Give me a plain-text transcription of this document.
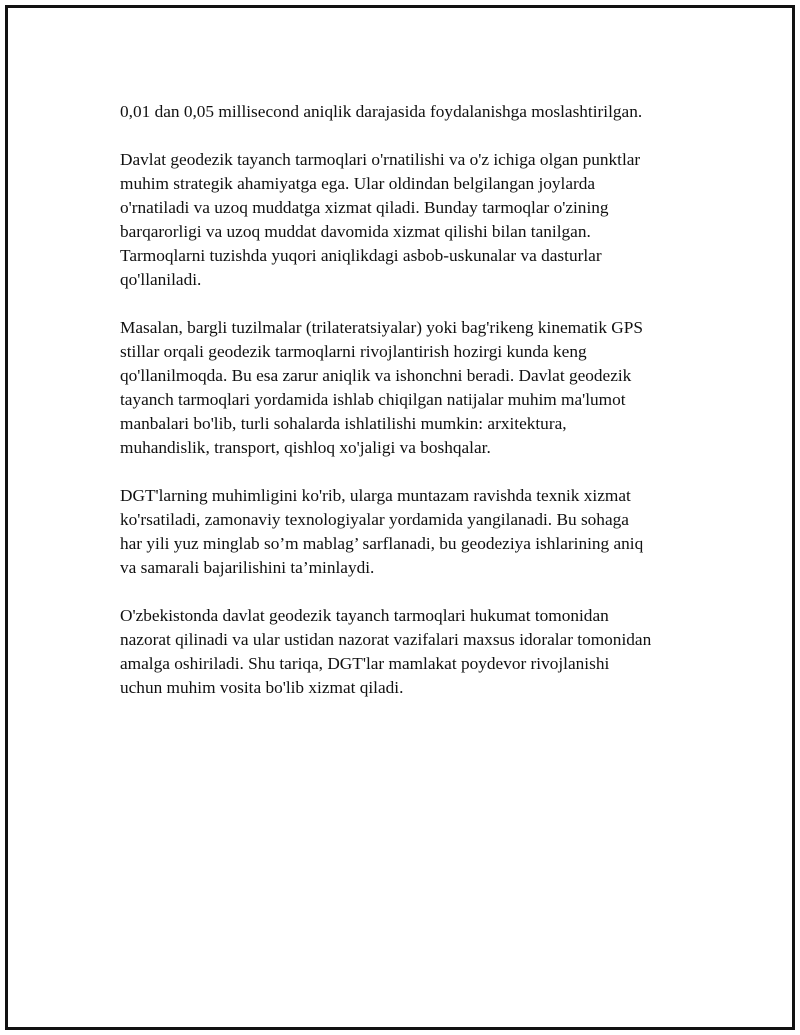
0,01 dan 0,05 millisecond aniqlik darajasida foydalanishga moslashtirilgan.

Davlat geodezik tayanch tarmoqlari o'rnatilishi va o'z ichiga olgan punktlar
muhim strategik ahamiyatga ega. Ular oldindan belgilangan joylarda
o'rnatiladi va uzoq muddatga xizmat qiladi. Bunday tarmoqlar o'zining
barqarorligi va uzoq muddat davomida xizmat qilishi bilan tanilgan.
Tarmoqlarni tuzishda yuqori aniqlikdagi asbob-uskunalar va dasturlar
qo'llaniladi.

Masalan, bargli tuzilmalar (trilateratsiyalar) yoki bag'rikeng kinematik GPS
stillar orqali geodezik tarmoqlarni rivojlantirish hozirgi kunda keng
qo'llanilmoqda. Bu esa zarur aniqlik va ishonchni beradi. Davlat geodezik
tayanch tarmoqlari yordamida ishlab chiqilgan natijalar muhim ma'lumot
manbalari bo'lib, turli sohalarda ishlatilishi mumkin: arxitektura,
muhandislik, transport, qishloq xo'jaligi va boshqalar.

DGT'larning muhimligini ko'rib, ularga muntazam ravishda texnik xizmat
ko'rsatiladi, zamonaviy texnologiyalar yordamida yangilanadi. Bu sohaga
har yili yuz minglab so’m mablag’ sarflanadi, bu geodeziya ishlarining aniq
va samarali bajarilishini ta’minlaydi.

O'zbekistonda davlat geodezik tayanch tarmoqlari hukumat tomonidan
nazorat qilinadi va ular ustidan nazorat vazifalari maxsus idoralar tomonidan
amalga oshiriladi. Shu tariqa, DGT'lar mamlakat poydevor rivojlanishi
uchun muhim vosita bo'lib xizmat qiladi.
